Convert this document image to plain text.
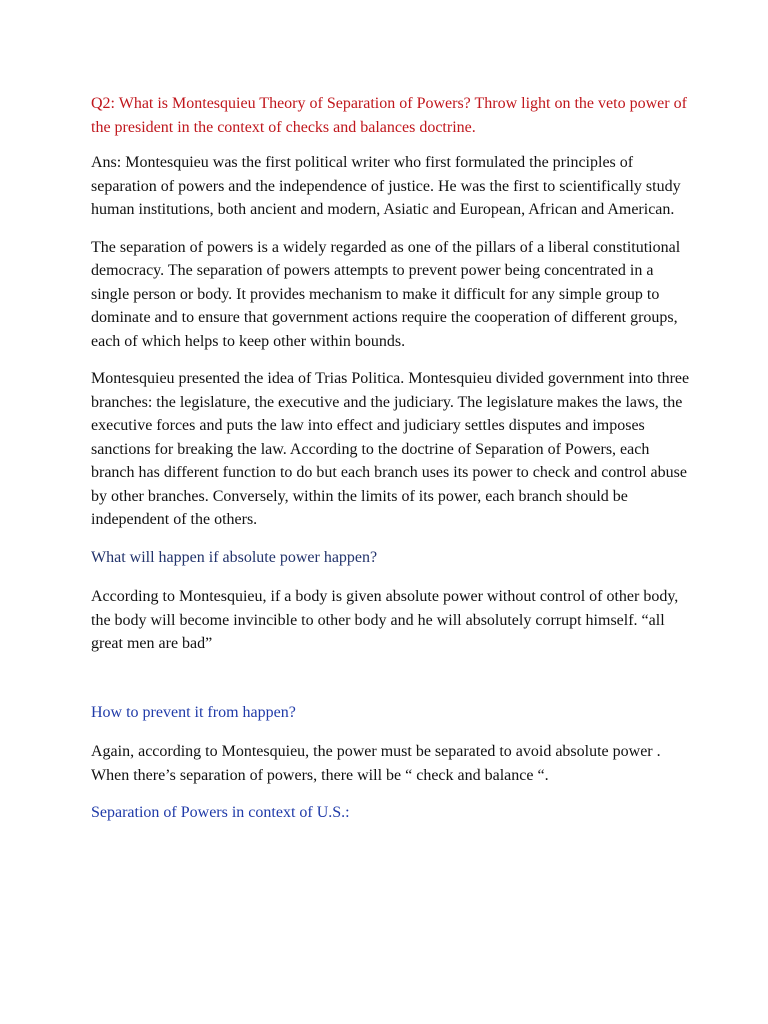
Q2: What is Montesquieu Theory of Separation of Powers? Throw light on the veto power of the president in the context of checks and balances doctrine.

Ans: Montesquieu was the first political writer who first formulated the principles of separation of powers and the independence of justice. He was the first to scientifically study human institutions, both ancient and modern, Asiatic and European, African and American.

The separation of powers is a widely regarded as one of the pillars of a liberal constitutional democracy. The separation of powers attempts to prevent power being concentrated in a single person or body. It provides mechanism to make it difficult for any simple group to dominate and to ensure that government actions require the cooperation of different groups, each of which helps to keep other within bounds.

Montesquieu presented the idea of Trias Politica. Montesquieu divided government into three branches: the legislature, the executive and the judiciary. The legislature makes the laws, the executive forces and puts the law into effect and judiciary settles disputes and imposes sanctions for breaking the law. According to the doctrine of Separation of Powers, each branch has different function to do but each branch uses its power to check and control abuse by other branches. Conversely, within the limits of its power, each branch should be independent of the others.

What will happen if absolute power happen?

According to Montesquieu, if a body is given absolute power without control of other body, the body will become invincible to other body and he will absolutely corrupt himself. “all great men are bad”

How to prevent it from happen?

Again, according to Montesquieu, the power must be separated to avoid absolute power . When there’s separation of powers, there will be “ check and balance “.

Separation of Powers in context of U.S.:
